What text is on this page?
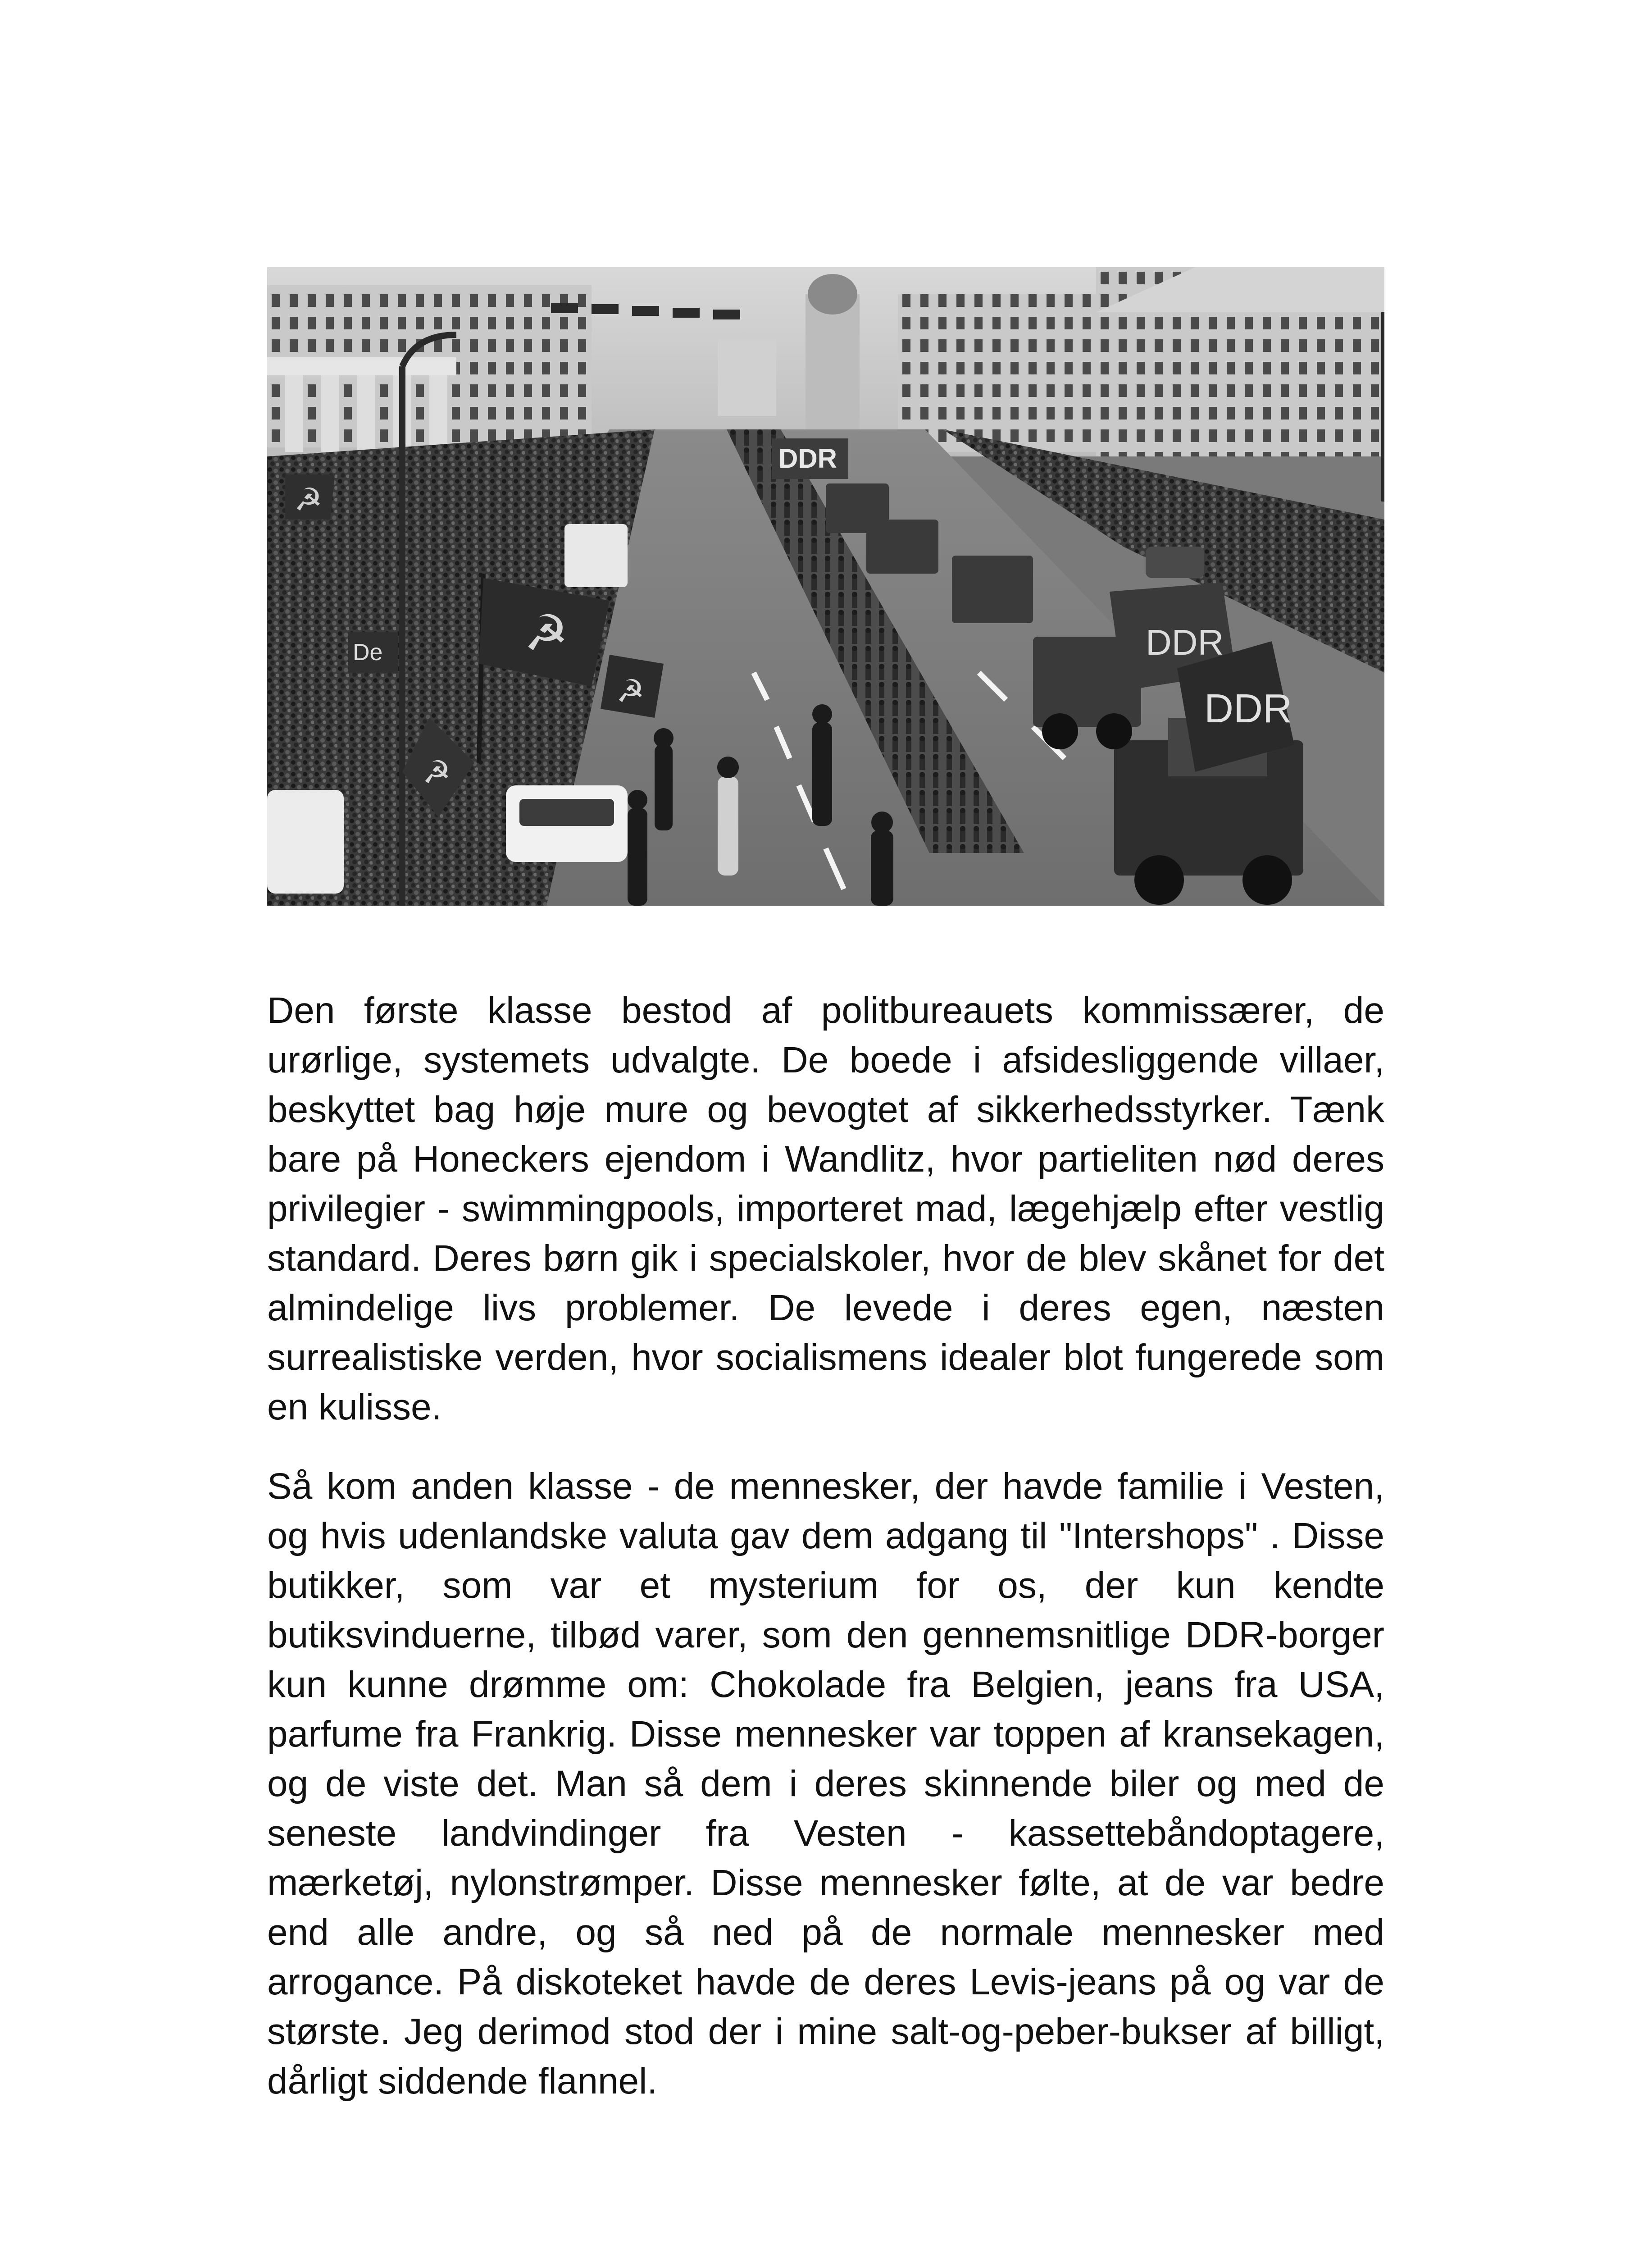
☭
☭
☭
☭
DDR
DDR
DDR
De

Den første klasse bestod af politbureauets kommissærer, de urørlige, systemets udvalgte. De boede i afsidesliggende villaer, beskyttet bag høje mure og bevogtet af sikkerhedsstyrker. Tænk bare på Honeckers ejendom i Wandlitz, hvor partieliten nød deres privilegier - swimmingpools, importeret mad, lægehjælp efter vestlig standard. Deres børn gik i specialskoler, hvor de blev skånet for det almindelige livs problemer. De levede i deres egen, næsten surrealistiske verden, hvor socialismens idealer blot fungerede som en kulisse.

Så kom anden klasse - de mennesker, der havde familie i Vesten, og hvis udenlandske valuta gav dem adgang til "Intershops" . Disse butikker, som var et mysterium for os, der kun kendte butiksvinduerne, tilbød varer, som den gennemsnitlige DDR-borger kun kunne drømme om: Chokolade fra Belgien, jeans fra USA, parfume fra Frankrig. Disse mennesker var toppen af kransekagen, og de viste det. Man så dem i deres skinnende biler og med de seneste landvindinger fra Vesten - kassettebåndoptagere, mærketøj, nylonstrømper. Disse mennesker følte, at de var bedre end alle andre, og så ned på de normale mennesker med arrogance. På diskoteket havde de deres Levis-jeans på og var de største. Jeg derimod stod der i mine salt-og-peber-bukser af billigt, dårligt siddende flannel.
